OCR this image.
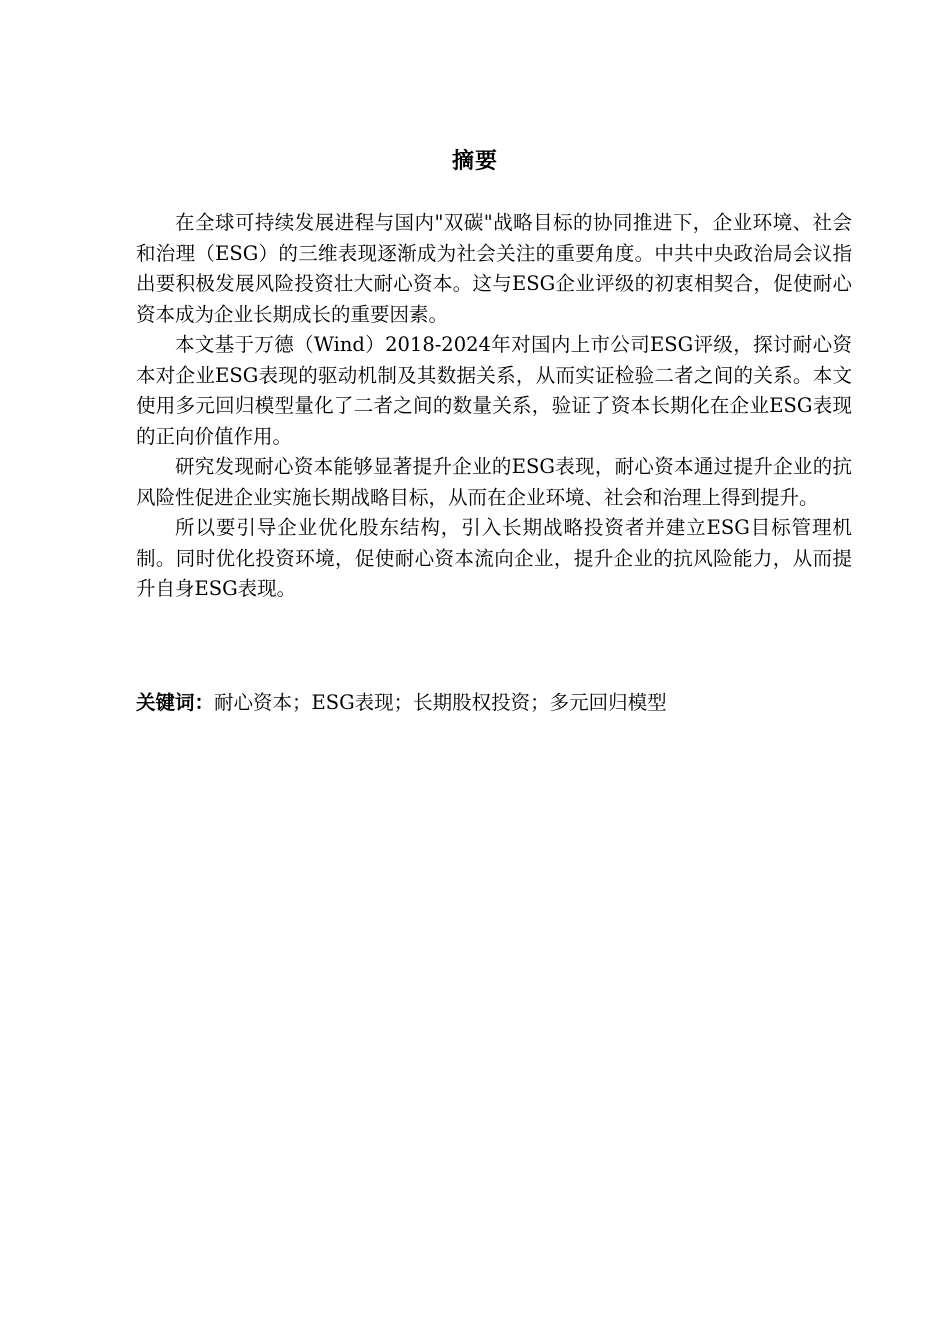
摘要

在全球可持续发展进程与国内"双碳"战略目标的协同推进下，企业环境、社会和治理（ESG）的三维表现逐渐成为社会关注的重要角度。中共中央政治局会议指出要积极发展风险投资壮大耐心资本。这与ESG企业评级的初衷相契合，促使耐心资本成为企业长期成长的重要因素。

本文基于万德（Wind）2018-2024年对国内上市公司ESG评级，探讨耐心资本对企业ESG表现的驱动机制及其数据关系，从而实证检验二者之间的关系。本文使用多元回归模型量化了二者之间的数量关系，验证了资本长期化在企业ESG表现的正向价值作用。

研究发现耐心资本能够显著提升企业的ESG表现，耐心资本通过提升企业的抗风险性促进企业实施长期战略目标，从而在企业环境、社会和治理上得到提升。

所以要引导企业优化股东结构，引入长期战略投资者并建立ESG目标管理机制。同时优化投资环境，促使耐心资本流向企业，提升企业的抗风险能力，从而提升自身ESG表现。

关键词：耐心资本；ESG表现；长期股权投资；多元回归模型
